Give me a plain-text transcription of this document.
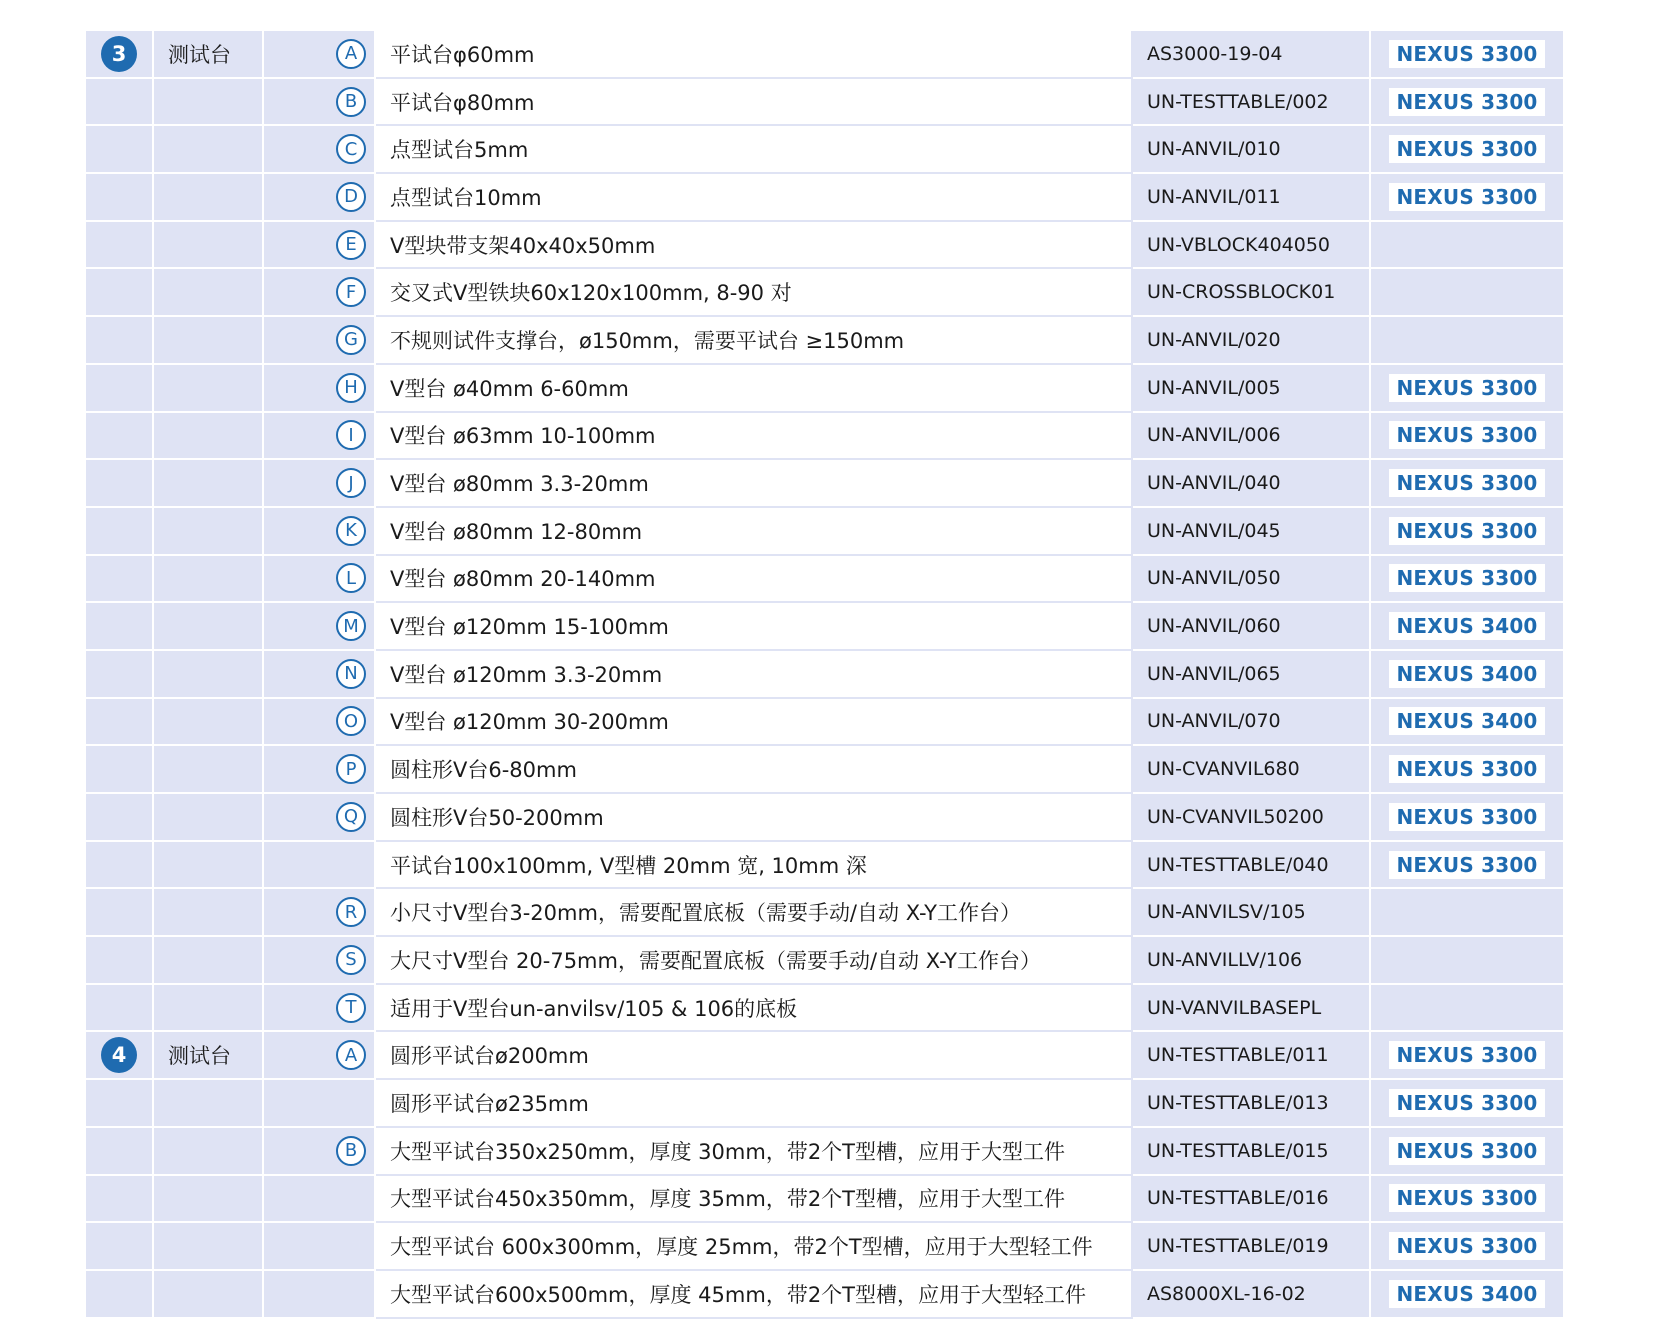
3	测试台	A	平试台φ60mm	AS3000-19-04	NEXUS 3300
B	平试台φ80mm	UN-TESTTABLE/002	NEXUS 3300
C	点型试台5mm	UN-ANVIL/010	NEXUS 3300
D	点型试台10mm	UN-ANVIL/011	NEXUS 3300
E	V型块带支架40x40x50mm	UN-VBLOCK404050
F	交叉式V型铁块60x120x100mm, 8-90 对	UN-CROSSBLOCK01
G	不规则试件支撑台，ø150mm，需要平试台 ≥150mm	UN-ANVIL/020
H	V型台 ø40mm 6-60mm	UN-ANVIL/005	NEXUS 3300
I	V型台 ø63mm 10-100mm	UN-ANVIL/006	NEXUS 3300
J	V型台 ø80mm 3.3-20mm	UN-ANVIL/040	NEXUS 3300
K	V型台 ø80mm 12-80mm	UN-ANVIL/045	NEXUS 3300
L	V型台 ø80mm 20-140mm	UN-ANVIL/050	NEXUS 3300
M	V型台 ø120mm 15-100mm	UN-ANVIL/060	NEXUS 3400
N	V型台 ø120mm 3.3-20mm	UN-ANVIL/065	NEXUS 3400
O	V型台 ø120mm 30-200mm	UN-ANVIL/070	NEXUS 3400
P	圆柱形V台6-80mm	UN-CVANVIL680	NEXUS 3300
Q	圆柱形V台50-200mm	UN-CVANVIL50200	NEXUS 3300
平试台100x100mm, V型槽 20mm 宽, 10mm 深	UN-TESTTABLE/040	NEXUS 3300
R	小尺寸V型台3-20mm，需要配置底板（需要手动/自动 X-Y工作台）	UN-ANVILSV/105
S	大尺寸V型台 20-75mm，需要配置底板（需要手动/自动 X-Y工作台）	UN-ANVILLV/106
T	适用于V型台un-anvilsv/105 & 106的底板	UN-VANVILBASEPL
4	测试台	A	圆形平试台ø200mm	UN-TESTTABLE/011	NEXUS 3300
圆形平试台ø235mm	UN-TESTTABLE/013	NEXUS 3300
B	大型平试台350x250mm，厚度 30mm，带2个T型槽，应用于大型工件	UN-TESTTABLE/015	NEXUS 3300
大型平试台450x350mm，厚度 35mm，带2个T型槽，应用于大型工件	UN-TESTTABLE/016	NEXUS 3300
大型平试台 600x300mm，厚度 25mm，带2个T型槽，应用于大型轻工件	UN-TESTTABLE/019	NEXUS 3300
大型平试台600x500mm，厚度 45mm，带2个T型槽，应用于大型轻工件	AS8000XL-16-02	NEXUS 3400
